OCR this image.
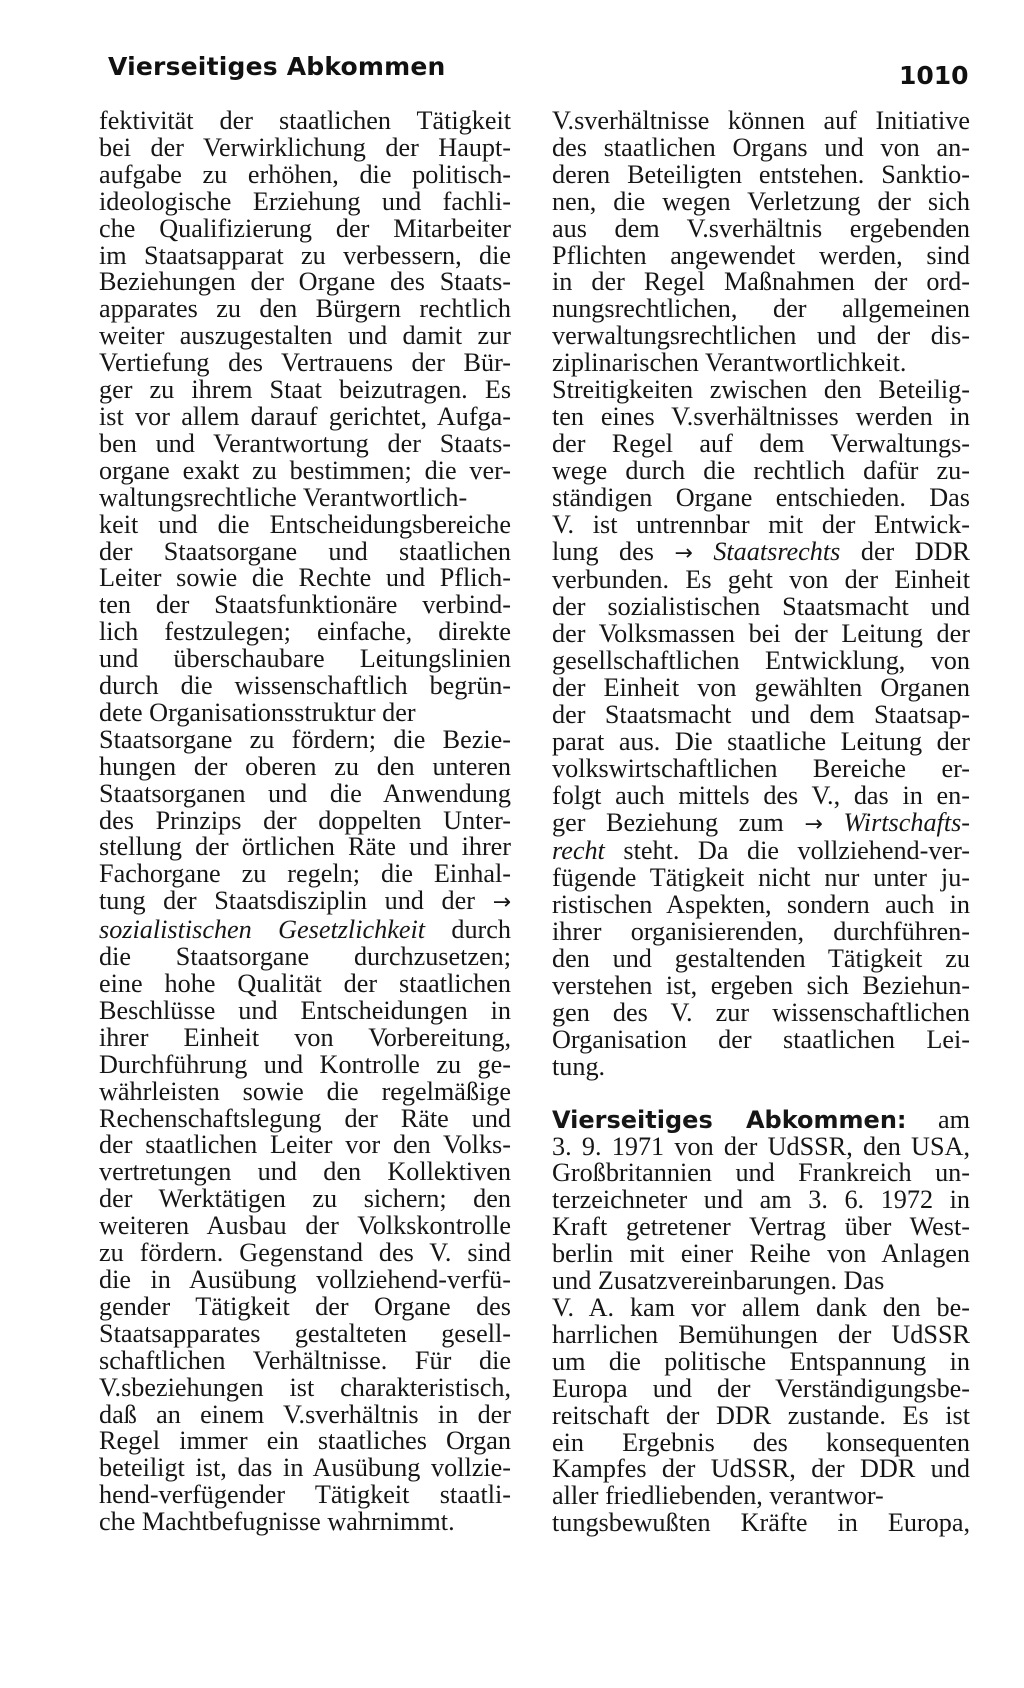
Vierseitiges Abkommen	1010

fektivität der staatlichen Tätigkeit
bei der Verwirklichung der Haupt-
aufgabe zu erhöhen, die politisch-
ideologische Erziehung und fachli-
che Qualifizierung der Mitarbeiter
im Staatsapparat zu verbessern, die
Beziehungen der Organe des Staats-
apparates zu den Bürgern rechtlich
weiter auszugestalten und damit zur
Vertiefung des Vertrauens der Bür-
ger zu ihrem Staat beizutragen. Es
ist vor allem darauf gerichtet, Aufga-
ben und Verantwortung der Staats-
organe exakt zu bestimmen; die ver-
waltungsrechtliche Verantwortlich-
keit und die Entscheidungsbereiche
der Staatsorgane und staatlichen
Leiter sowie die Rechte und Pflich-
ten der Staatsfunktionäre verbind-
lich festzulegen; einfache, direkte
und überschaubare Leitungslinien
durch die wissenschaftlich begrün-
dete Organisationsstruktur der
Staatsorgane zu fördern; die Bezie-
hungen der oberen zu den unteren
Staatsorganen und die Anwendung
des Prinzips der doppelten Unter-
stellung der örtlichen Räte und ihrer
Fachorgane zu regeln; die Einhal-
tung der Staatsdisziplin und der →
sozialistischen Gesetzlichkeit durch
die Staatsorgane durchzusetzen;
eine hohe Qualität der staatlichen
Beschlüsse und Entscheidungen in
ihrer Einheit von Vorbereitung,
Durchführung und Kontrolle zu ge-
währleisten sowie die regelmäßige
Rechenschaftslegung der Räte und
der staatlichen Leiter vor den Volks-
vertretungen und den Kollektiven
der Werktätigen zu sichern; den
weiteren Ausbau der Volkskontrolle
zu fördern. Gegenstand des V. sind
die in Ausübung vollziehend-verfü-
gender Tätigkeit der Organe des
Staatsapparates gestalteten gesell-
schaftlichen Verhältnisse. Für die
V.sbeziehungen ist charakteristisch,
daß an einem V.sverhältnis in der
Regel immer ein staatliches Organ
beteiligt ist, das in Ausübung vollzie-
hend-verfügender Tätigkeit staatli-
che Machtbefugnisse wahrnimmt.

V.sverhältnisse können auf Initiative
des staatlichen Organs und von an-
deren Beteiligten entstehen. Sanktio-
nen, die wegen Verletzung der sich
aus dem V.sverhältnis ergebenden
Pflichten angewendet werden, sind
in der Regel Maßnahmen der ord-
nungsrechtlichen, der allgemeinen
verwaltungsrechtlichen und der dis-
ziplinarischen Verantwortlichkeit.
Streitigkeiten zwischen den Beteilig-
ten eines V.sverhältnisses werden in
der Regel auf dem Verwaltungs-
wege durch die rechtlich dafür zu-
ständigen Organe entschieden. Das
V. ist untrennbar mit der Entwick-
lung des → Staatsrechts der DDR
verbunden. Es geht von der Einheit
der sozialistischen Staatsmacht und
der Volksmassen bei der Leitung der
gesellschaftlichen Entwicklung, von
der Einheit von gewählten Organen
der Staatsmacht und dem Staatsap-
parat aus. Die staatliche Leitung der
volkswirtschaftlichen Bereiche er-
folgt auch mittels des V., das in en-
ger Beziehung zum → Wirtschafts-
recht steht. Da die vollziehend-ver-
fügende Tätigkeit nicht nur unter ju-
ristischen Aspekten, sondern auch in
ihrer organisierenden, durchführen-
den und gestaltenden Tätigkeit zu
verstehen ist, ergeben sich Beziehun-
gen des V. zur wissenschaftlichen
Organisation der staatlichen Lei-
tung.

Vierseitiges Abkommen: am
3. 9. 1971 von der UdSSR, den USA,
Großbritannien und Frankreich un-
terzeichneter und am 3. 6. 1972 in
Kraft getretener Vertrag über West-
berlin mit einer Reihe von Anlagen
und Zusatzvereinbarungen. Das
V. A. kam vor allem dank den be-
harrlichen Bemühungen der UdSSR
um die politische Entspannung in
Europa und der Verständigungsbe-
reitschaft der DDR zustande. Es ist
ein Ergebnis des konsequenten
Kampfes der UdSSR, der DDR und
aller friedliebenden, verantwor-
tungsbewußten Kräfte in Europa,
